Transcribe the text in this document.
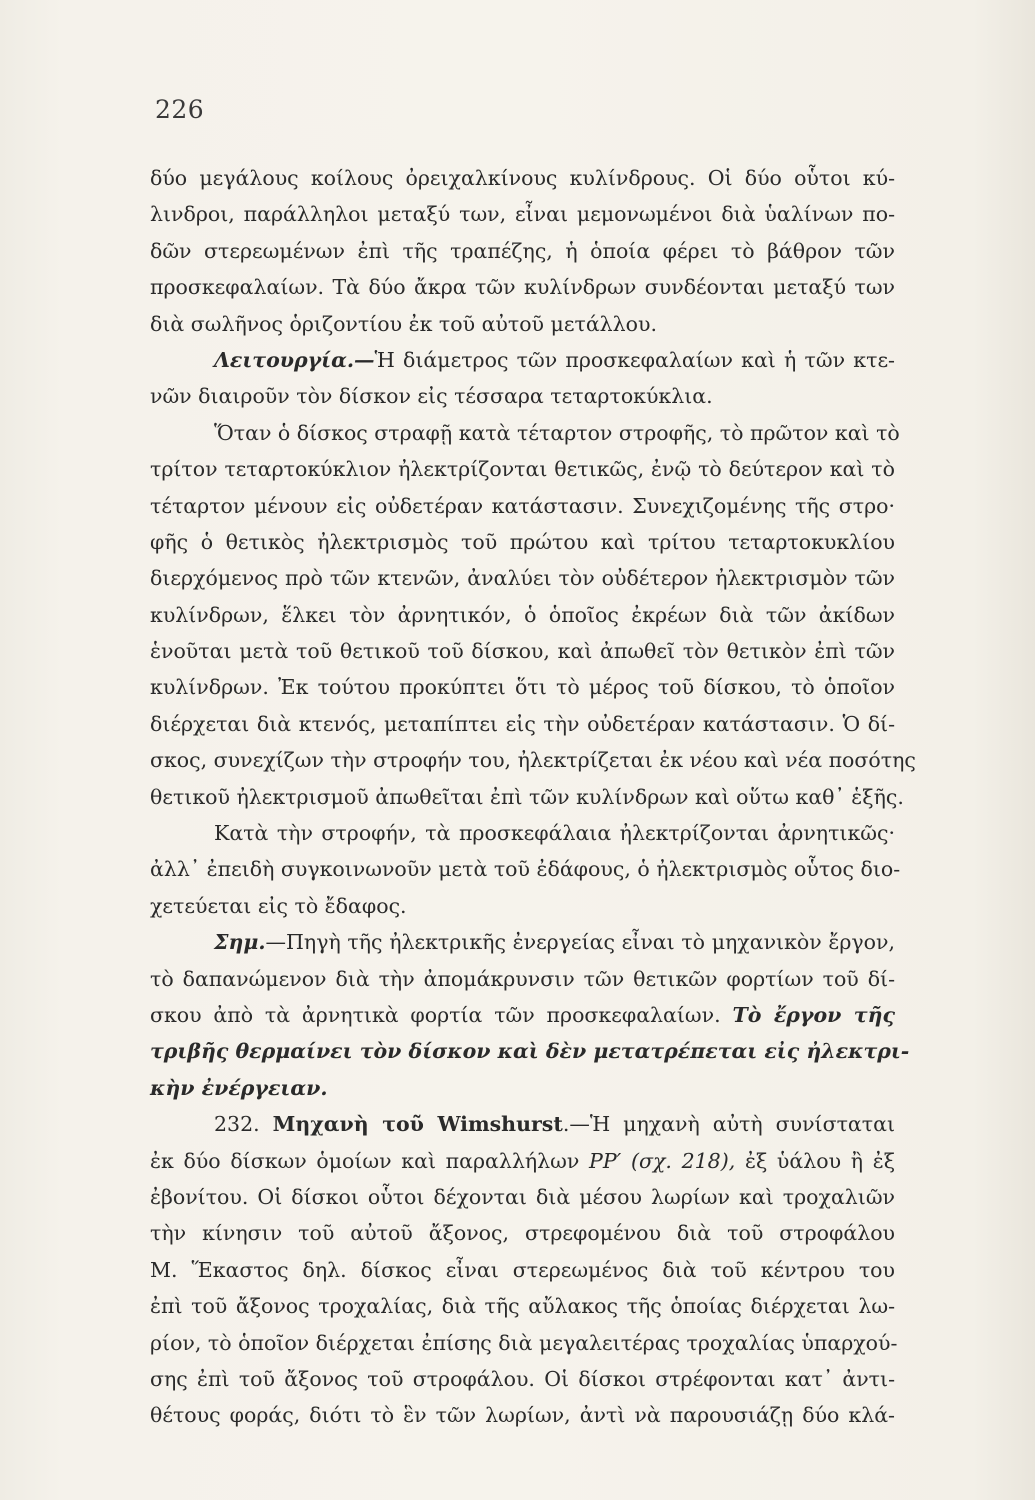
226
δύο μεγάλους κοίλους ὀρειχαλκίνους κυλίνδρους. Οἱ δύο οὗτοι κύ-
λινδροι, παράλληλοι μεταξύ των, εἶναι μεμονωμένοι διὰ ὑαλίνων πο-
δῶν στερεωμένων ἐπὶ τῆς τραπέζης, ἡ ὁποία φέρει τὸ βάθρον τῶν
προσκεφαλαίων. Τὰ δύο ἄκρα τῶν κυλίνδρων συνδέονται μεταξύ των
διὰ σωλῆνος ὁριζοντίου ἐκ τοῦ αὐτοῦ μετάλλου.
Λειτουργία.—Ἡ διάμετρος τῶν προσκεφαλαίων καὶ ἡ τῶν κτε-
νῶν διαιροῦν τὸν δίσκον εἰς τέσσαρα τεταρτοκύκλια.
Ὅταν ὁ δίσκος στραφῇ κατὰ τέταρτον στροφῆς, τὸ πρῶτον καὶ τὸ
τρίτον τεταρτοκύκλιον ἠλεκτρίζονται θετικῶς, ἐνῷ τὸ δεύτερον καὶ τὸ
τέταρτον μένουν εἰς οὐδετέραν κατάστασιν. Συνεχιζομένης τῆς στρο·
φῆς ὁ θετικὸς ἠλεκτρισμὸς τοῦ πρώτου καὶ τρίτου τεταρτοκυκλίου
διερχόμενος πρὸ τῶν κτενῶν, ἀναλύει τὸν οὐδέτερον ἠλεκτρισμὸν τῶν
κυλίνδρων, ἕλκει τὸν ἀρνητικόν, ὁ ὁποῖος ἐκρέων διὰ τῶν ἀκίδων
ἑνοῦται μετὰ τοῦ θετικοῦ τοῦ δίσκου, καὶ ἀπωθεῖ τὸν θετικὸν ἐπὶ τῶν
κυλίνδρων. Ἐκ τούτου προκύπτει ὅτι τὸ μέρος τοῦ δίσκου, τὸ ὁποῖον
διέρχεται διὰ κτενός, μεταπίπτει εἰς τὴν οὐδετέραν κατάστασιν. Ὁ δί-
σκος, συνεχίζων τὴν στροφήν του, ἠλεκτρίζεται ἐκ νέου καὶ νέα ποσότης
θετικοῦ ἠλεκτρισμοῦ ἀπωθεῖται ἐπὶ τῶν κυλίνδρων καὶ οὕτω καθ᾽ ἑξῆς.
Κατὰ τὴν στροφήν, τὰ προσκεφάλαια ἠλεκτρίζονται ἀρνητικῶς·
ἀλλ᾽ ἐπειδὴ συγκοινωνοῦν μετὰ τοῦ ἐδάφους, ὁ ἠλεκτρισμὸς οὗτος διο-
χετεύεται εἰς τὸ ἔδαφος.
Σημ.—Πηγὴ τῆς ἠλεκτρικῆς ἐνεργείας εἶναι τὸ μηχανικὸν ἔργον,
τὸ δαπανώμενον διὰ τὴν ἀπομάκρυνσιν τῶν θετικῶν φορτίων τοῦ δί-
σκου ἀπὸ τὰ ἀρνητικὰ φορτία τῶν προσκεφαλαίων. Τὸ ἔργον τῆς
τριβῆς θερμαίνει τὸν δίσκον καὶ δὲν μετατρέπεται εἰς ἠλεκτρι-
κὴν ἐνέργειαν.
232. Μηχανὴ τοῦ Wimshurst.—Ἡ μηχανὴ αὐτὴ συνίσταται
ἐκ δύο δίσκων ὁμοίων καὶ παραλλήλων PP′ (σχ. 218), ἐξ ὑάλου ἢ ἐξ
ἐβονίτου. Οἱ δίσκοι οὗτοι δέχονται διὰ μέσου λωρίων καὶ τροχαλιῶν
τὴν κίνησιν τοῦ αὐτοῦ ἄξονος, στρεφομένου διὰ τοῦ στροφάλου
Μ. Ἕκαστος δηλ. δίσκος εἶναι στερεωμένος διὰ τοῦ κέντρου του
ἐπὶ τοῦ ἄξονος τροχαλίας, διὰ τῆς αὔλακος τῆς ὁποίας διέρχεται λω-
ρίον, τὸ ὁποῖον διέρχεται ἐπίσης διὰ μεγαλειτέρας τροχαλίας ὑπαρχού-
σης ἐπὶ τοῦ ἄξονος τοῦ στροφάλου. Οἱ δίσκοι στρέφονται κατ᾽ ἀντι-
θέτους φοράς, διότι τὸ ἓν τῶν λωρίων, ἀντὶ νὰ παρουσιάζῃ δύο κλά-
